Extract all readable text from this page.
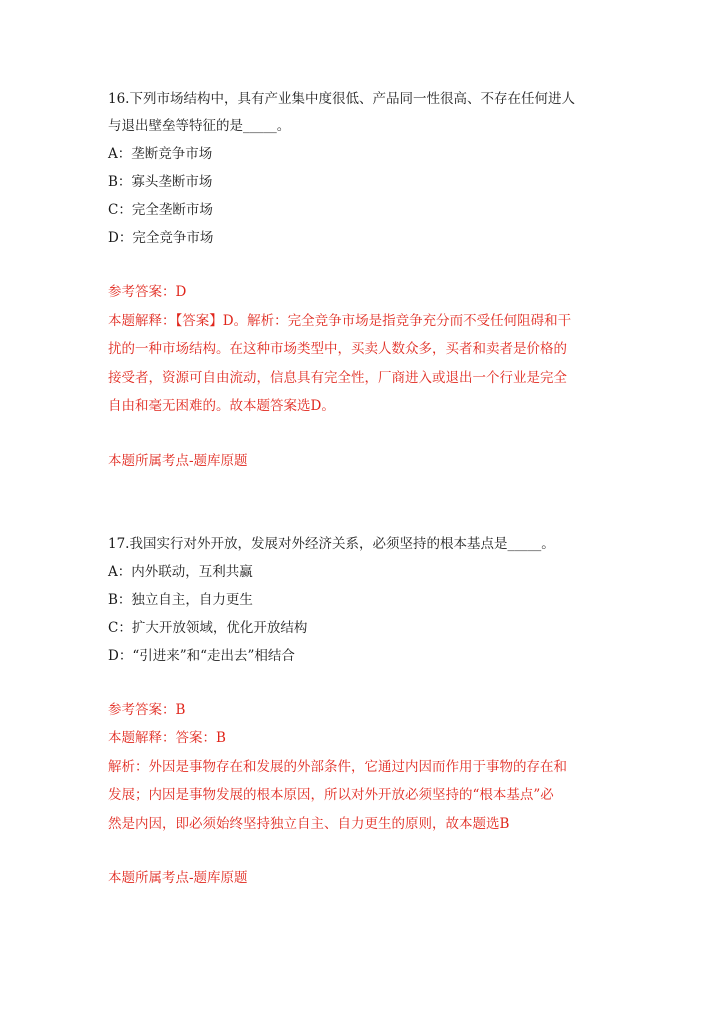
16.下列市场结构中，具有产业集中度很低、产品同一性很高、不存在任何进人

与退出壁垒等特征的是_____。

A：垄断竞争市场

B：寡头垄断市场

C：完全垄断市场

D：完全竞争市场

参考答案：D

本题解释：【答案】D。解析：完全竞争市场是指竞争充分而不受任何阻碍和干

扰的一种市场结构。在这种市场类型中，买卖人数众多，买者和卖者是价格的

接受者，资源可自由流动，信息具有完全性，厂商进入或退出一个行业是完全

自由和毫无困难的。故本题答案选D。

本题所属考点-题库原题

17.我国实行对外开放，发展对外经济关系，必须坚持的根本基点是_____。

A：内外联动，互利共赢

B：独立自主，自力更生

C：扩大开放领域，优化开放结构

D：“引进来”和“走出去”相结合

参考答案：B

本题解释：答案：B

解析：外因是事物存在和发展的外部条件，它通过内因而作用于事物的存在和

发展；内因是事物发展的根本原因，所以对外开放必须坚持的“根本基点”必

然是内因，即必须始终坚持独立自主、自力更生的原则，故本题选B

本题所属考点-题库原题
